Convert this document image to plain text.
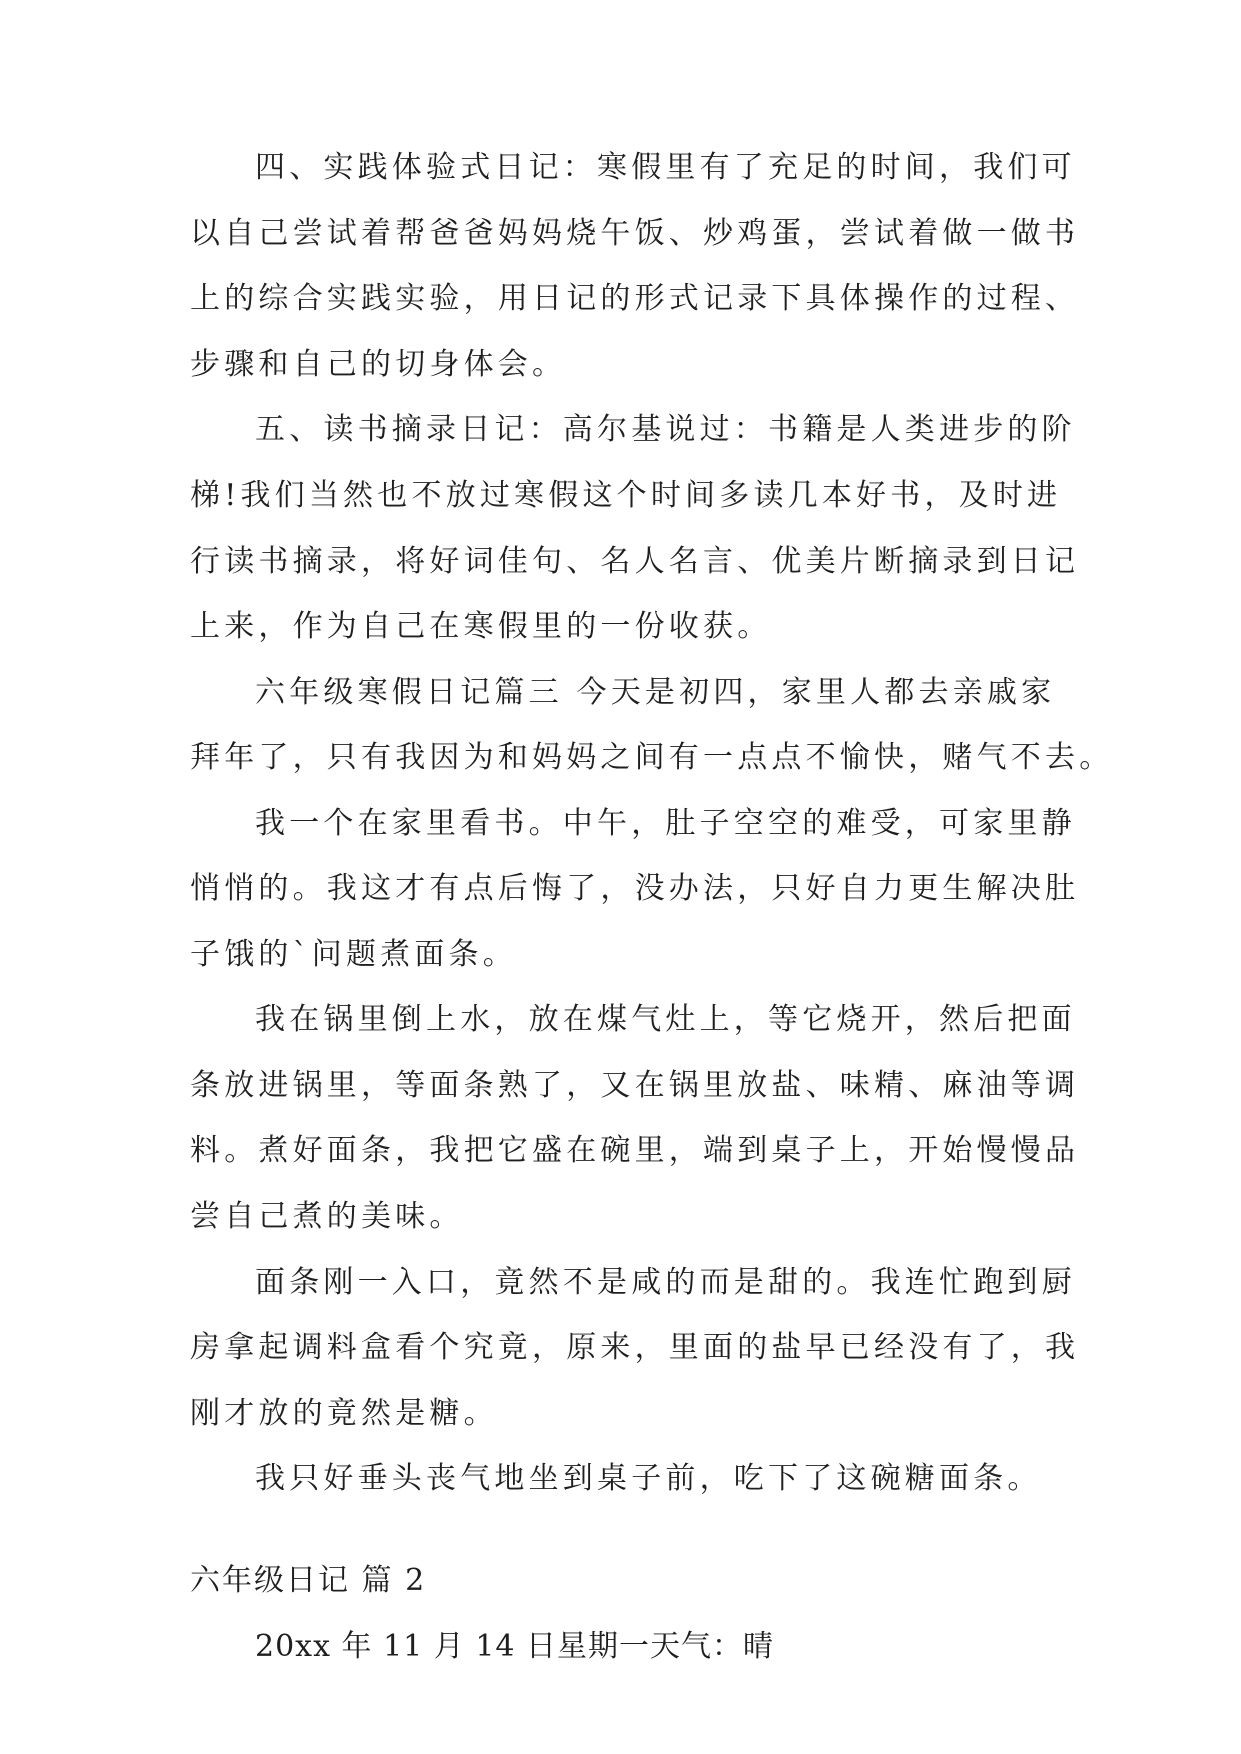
四、实践体验式日记：寒假里有了充足的时间，我们可
以自己尝试着帮爸爸妈妈烧午饭、炒鸡蛋，尝试着做一做书
上的综合实践实验，用日记的形式记录下具体操作的过程、
步骤和自己的切身体会。
五、读书摘录日记：高尔基说过：书籍是人类进步的阶
梯!我们当然也不放过寒假这个时间多读几本好书，及时进
行读书摘录，将好词佳句、名人名言、优美片断摘录到日记
上来，作为自己在寒假里的一份收获。
六年级寒假日记篇三 今天是初四，家里人都去亲戚家
拜年了，只有我因为和妈妈之间有一点点不愉快，赌气不去。
我一个在家里看书。中午，肚子空空的难受，可家里静
悄悄的。我这才有点后悔了，没办法，只好自力更生解决肚
子饿的`问题煮面条。
我在锅里倒上水，放在煤气灶上，等它烧开，然后把面
条放进锅里，等面条熟了，又在锅里放盐、味精、麻油等调
料。煮好面条，我把它盛在碗里，端到桌子上，开始慢慢品
尝自己煮的美味。
面条刚一入口，竟然不是咸的而是甜的。我连忙跑到厨
房拿起调料盒看个究竟，原来，里面的盐早已经没有了，我
刚才放的竟然是糖。
我只好垂头丧气地坐到桌子前，吃下了这碗糖面条。
六年级日记 篇 2
20xx 年 11 月 14 日星期一天气：晴
